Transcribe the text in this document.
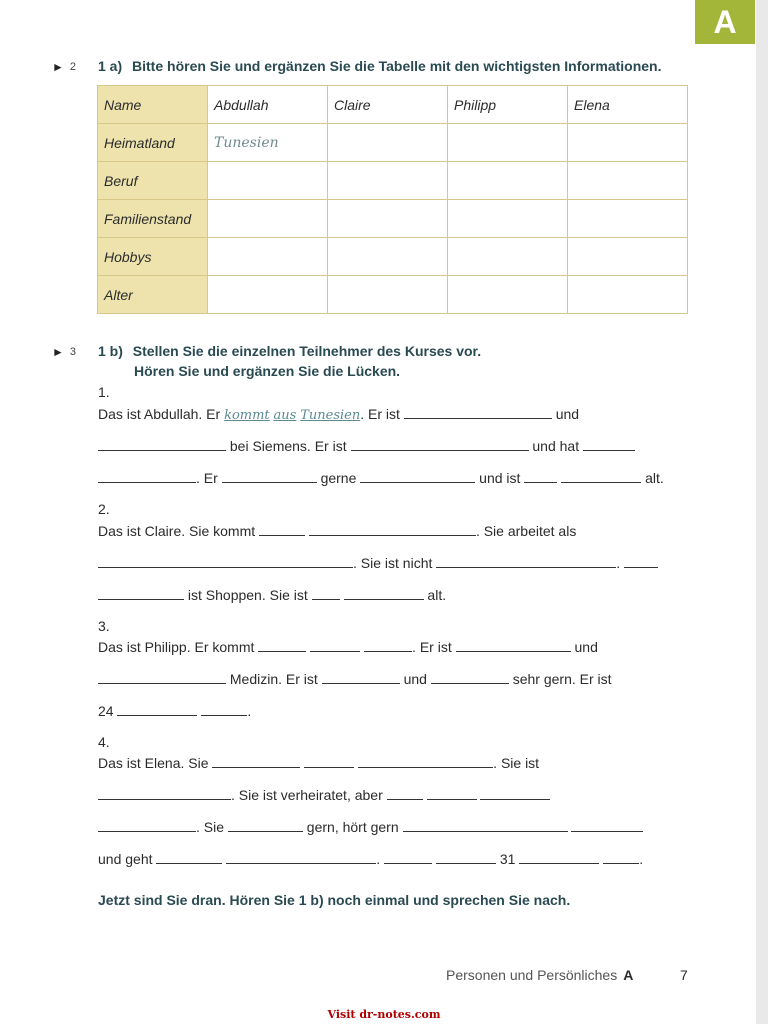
A
► 2 1 a) Bitte hören Sie und ergänzen Sie die Tabelle mit den wichtigsten Informationen.
Name	Abdullah	Claire	Philipp	Elena
Heimatland	Tunesien			
Beruf				
Familienstand				
Hobbys				
Alter				
► 3 1 b) Stellen Sie die einzelnen Teilnehmer des Kurses vor.
Hören Sie und ergänzen Sie die Lücken.
1.
Das ist Abdullah. Er kommt aus Tunesien. Er ist	und
bei Siemens. Er ist	und hat
. Er	gerne	und ist	alt.
2.
Das ist Claire. Sie kommt	. Sie arbeitet als
. Sie ist nicht	.
ist Shoppen. Sie ist	alt.
3.
Das ist Philipp. Er kommt	. Er ist	und
Medizin. Er ist	und	sehr gern. Er ist
24	.
4.
Das ist Elena. Sie	. Sie ist
. Sie ist verheiratet, aber
. Sie	gern, hört gern
und geht	.	31	.
Jetzt sind Sie dran. Hören Sie 1 b) noch einmal und sprechen Sie nach.
Personen und Persönliches A	7
Visit dr-notes.com
